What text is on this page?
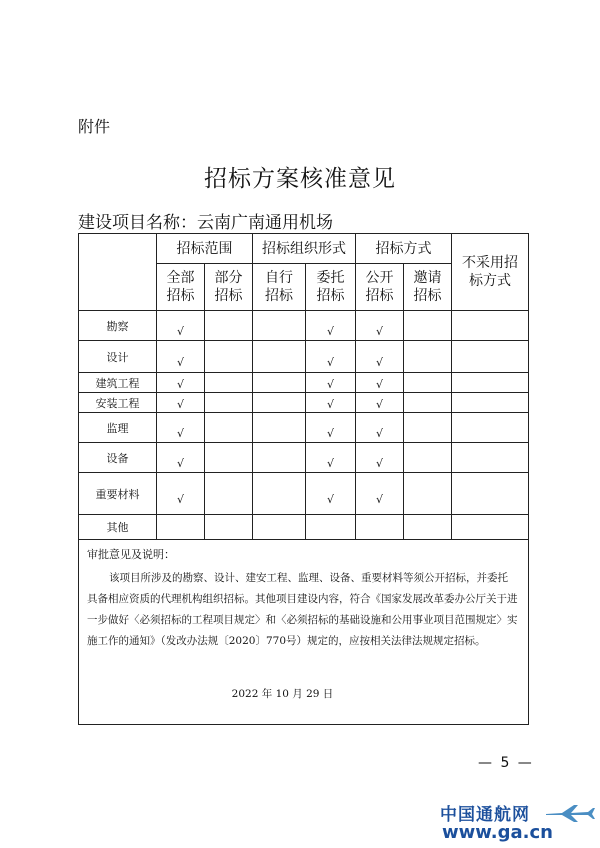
附件
招标方案核准意见
建设项目名称：云南广南通用机场
	招标范围		招标组织形式		招标方式		不采用招标方式

	全部招标	部分招标	自行招标	委托招标	公开招标	邀请招标	

勘察	√			√	√		
设计	√			√	√		
建筑工程	√			√	√		
安装工程	√			√	√		
监理	√			√	√		
设备	√			√	√		
重要材料	√			√	√		
其他							

审批意见及说明：

该项目所涉及的勘察、设计、建安工程、监理、设备、重要材料等须公开招标，并委托具备相应资质的代理机构组织招标。其他项目建设内容，符合《国家发展改革委办公厅关于进一步做好〈必须招标的工程项目规定〉和〈必须招标的基础设施和公用事业项目范围规定〉实施工作的通知》（发改办法规〔2020〕770号）规定的，应按相关法律法规规定招标。

2022 年 10 月 29 日							
— 5 —
中国通航网
www.ga.cn
